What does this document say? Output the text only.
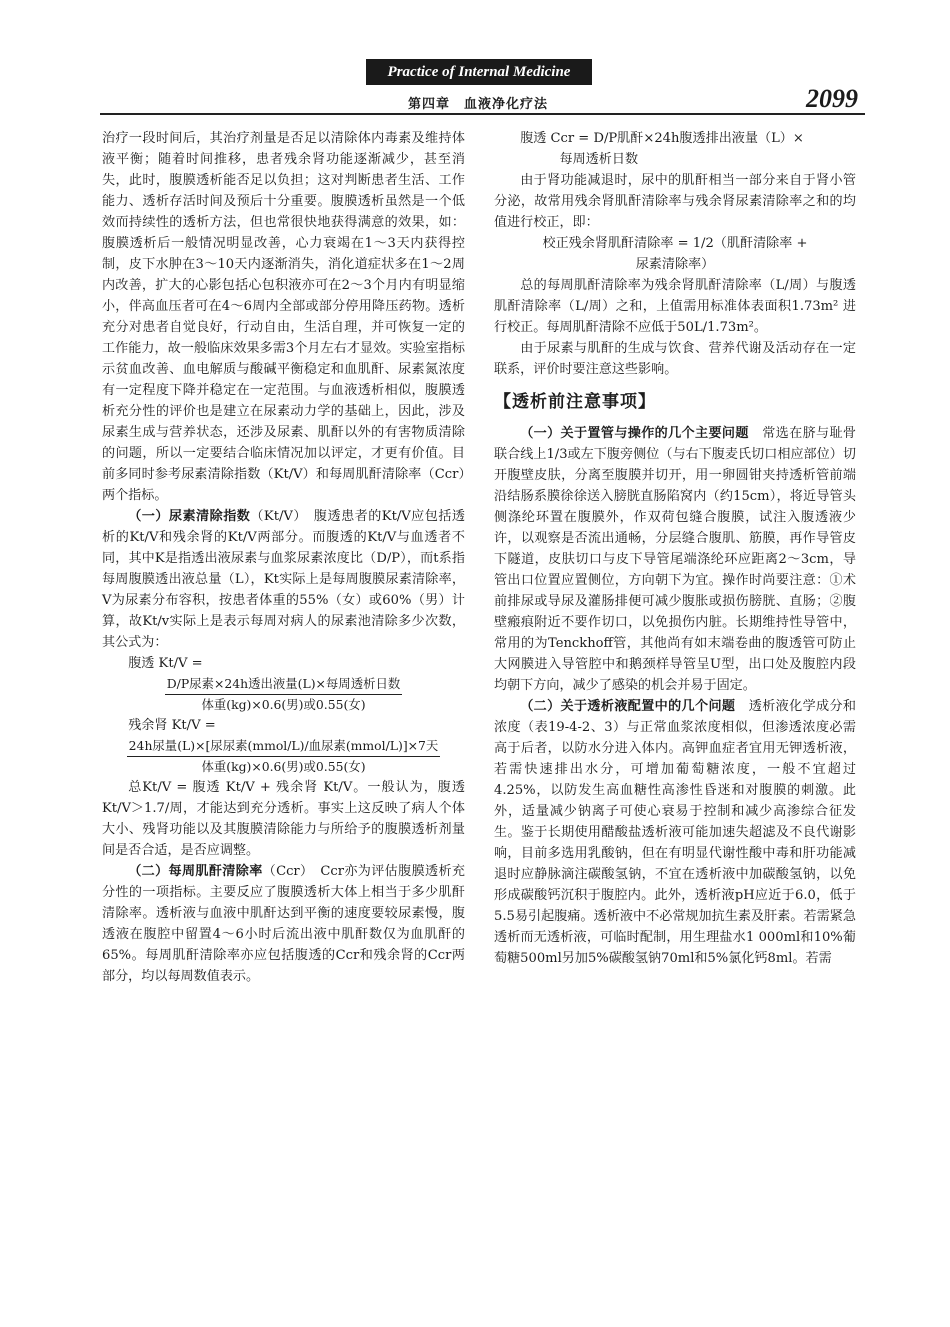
Practice of Internal Medicine
第四章　血液净化疗法	2099

治疗一段时间后，其治疗剂量是否足以清除体内毒素及维持体液平衡；随着时间推移，患者残余肾功能逐渐减少，甚至消失，此时，腹膜透析能否足以负担；这对判断患者生活、工作能力、透析存活时间及预后十分重要。腹膜透析虽然是一个低效而持续性的透析方法，但也常很快地获得满意的效果，如：腹膜透析后一般情况明显改善，心力衰竭在1～3天内获得控制，皮下水肿在3～10天内逐渐消失，消化道症状多在1～2周内改善，扩大的心影包括心包积液亦可在2～3个月内有明显缩小，伴高血压者可在4～6周内全部或部分停用降压药物。透析充分对患者自觉良好，行动自由，生活自理，并可恢复一定的工作能力，故一般临床效果多需3个月左右才显效。实验室指标示贫血改善、血电解质与酸碱平衡稳定和血肌酐、尿素氮浓度有一定程度下降并稳定在一定范围。与血液透析相似，腹膜透析充分性的评价也是建立在尿素动力学的基础上，因此，涉及尿素生成与营养状态，还涉及尿素、肌酐以外的有害物质清除的问题，所以一定要结合临床情况加以评定，才更有价值。目前多同时参考尿素清除指数（Kt/V）和每周肌酐清除率（Ccr）两个指标。

（一）尿素清除指数（Kt/V）　腹透患者的Kt/V应包括透析的Kt/V和残余肾的Kt/V两部分。而腹透的Kt/V与血透者不同，其中K是指透出液尿素与血浆尿素浓度比（D/P），而t系指每周腹膜透出液总量（L），Kt实际上是每周腹膜尿素清除率，V为尿素分布容积，按患者体重的55%（女）或60%（男）计算，故Kt/v实际上是表示每周对病人的尿素池清除多少次数，其公式为：

腹透 Kt/V =

D/P尿素×24h透出液量(L)×每周透析日数
体重(kg)×0.6(男)或0.55(女)

残余肾 Kt/V =

24h尿量(L)×[尿尿素(mmol/L)/血尿素(mmol/L)]×7天
体重(kg)×0.6(男)或0.55(女)

总Kt/V = 腹透 Kt/V + 残余肾 Kt/V。一般认为，腹透Kt/V＞1.7/周，才能达到充分透析。事实上这反映了病人个体大小、残肾功能以及其腹膜清除能力与所给予的腹膜透析剂量间是否合适，是否应调整。

（二）每周肌酐清除率（Ccr）　Ccr亦为评估腹膜透析充分性的一项指标。主要反应了腹膜透析大体上相当于多少肌酐清除率。透析液与血液中肌酐达到平衡的速度要较尿素慢，腹透液在腹腔中留置4～6小时后流出液中肌酐数仅为血肌酐的65%。每周肌酐清除率亦应包括腹透的Ccr和残余肾的Ccr两部分，均以每周数值表示。

腹透 Ccr = D/P肌酐×24h腹透排出液量（L）×

每周透析日数

由于肾功能减退时，尿中的肌酐相当一部分来自于肾小管分泌，故常用残余肾肌酐清除率与残余肾尿素清除率之和的均值进行校正，即：

校正残余肾肌酐清除率 = 1/2（肌酐清除率 +

尿素清除率）

总的每周肌酐清除率为残余肾肌酐清除率（L/周）与腹透肌酐清除率（L/周）之和，上值需用标准体表面积1.73m² 进行校正。每周肌酐清除不应低于50L/1.73m²。

由于尿素与肌酐的生成与饮食、营养代谢及活动存在一定联系，评价时要注意这些影响。

【透析前注意事项】

（一）关于置管与操作的几个主要问题　常选在脐与耻骨联合线上1/3或左下腹旁侧位（与右下腹麦氏切口相应部位）切开腹壁皮肤，分离至腹膜并切开，用一卵圆钳夹持透析管前端沿结肠系膜徐徐送入膀胱直肠陷窝内（约15cm），将近导管头侧涤纶环置在腹膜外，作双荷包缝合腹膜，试注入腹透液少许，以观察是否流出通畅，分层缝合腹肌、筋膜，再作导管皮下隧道，皮肤切口与皮下导管尾端涤纶环应距离2～3cm，导管出口位置应置侧位，方向朝下为宜。操作时尚要注意：①术前排尿或导尿及灌肠排便可减少腹胀或损伤膀胱、直肠；②腹壁瘢痕附近不要作切口，以免损伤内脏。长期维持性导管中，常用的为Tenckhoff管，其他尚有如末端卷曲的腹透管可防止大网膜进入导管腔中和鹅颈样导管呈U型，出口处及腹腔内段均朝下方向，减少了感染的机会并易于固定。

（二）关于透析液配置中的几个问题　透析液化学成分和浓度（表19-4-2、3）与正常血浆浓度相似，但渗透浓度必需高于后者，以防水分进入体内。高钾血症者宜用无钾透析液，若需快速排出水分，可增加葡萄糖浓度，一般不宜超过4.25%，以防发生高血糖性高渗性昏迷和对腹膜的刺激。此外，适量减少钠离子可使心衰易于控制和减少高渗综合征发生。鉴于长期使用醋酸盐透析液可能加速失超滤及不良代谢影响，目前多选用乳酸钠，但在有明显代谢性酸中毒和肝功能减退时应静脉滴注碳酸氢钠，不宜在透析液中加碳酸氢钠，以免形成碳酸钙沉积于腹腔内。此外，透析液pH应近于6.0，低于5.5易引起腹痛。透析液中不必常规加抗生素及肝素。若需紧急透析而无透析液，可临时配制，用生理盐水1 000ml和10%葡萄糖500ml另加5%碳酸氢钠70ml和5%氯化钙8ml。若需
